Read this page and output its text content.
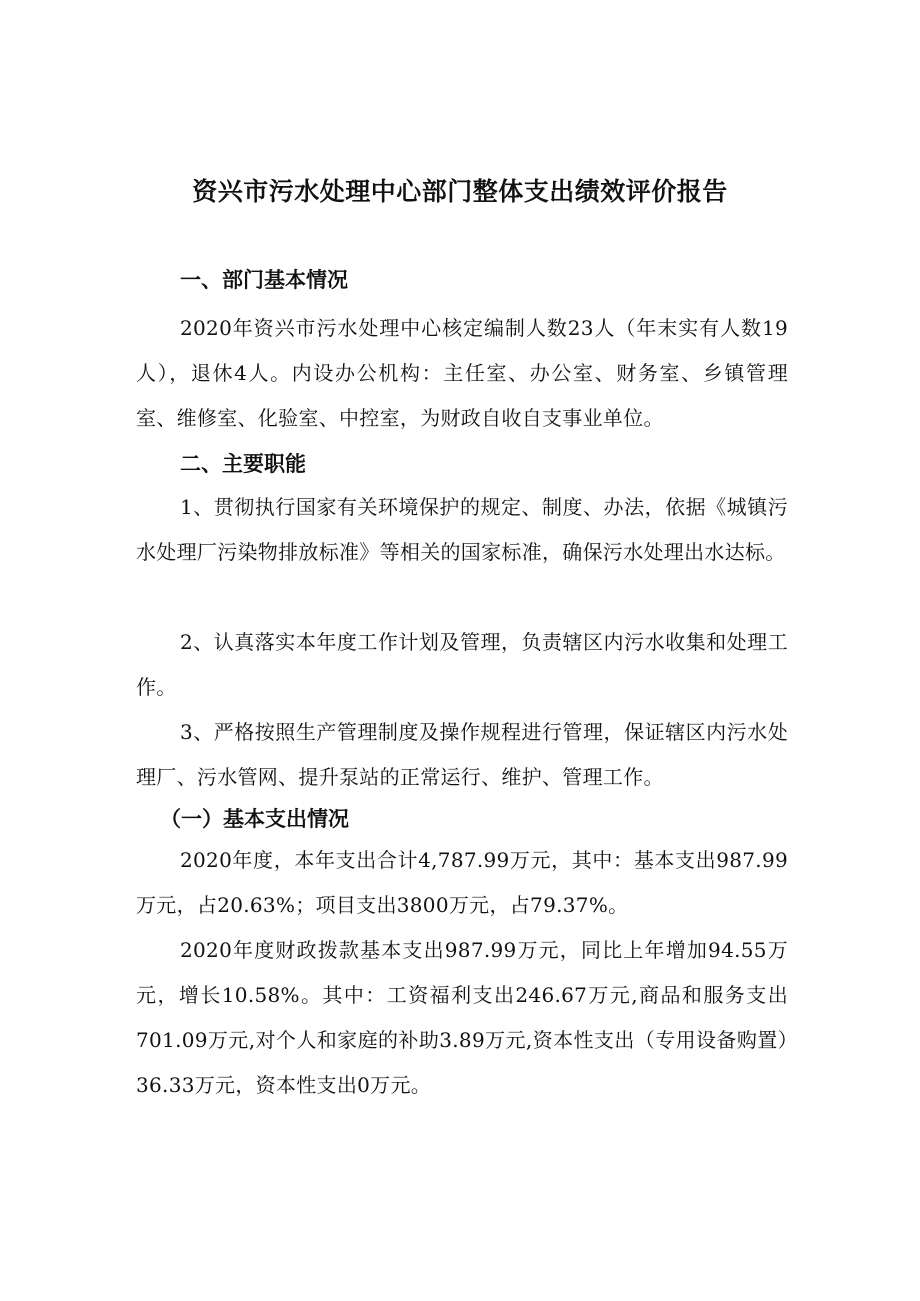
资兴市污水处理中心部门整体支出绩效评价报告
一、部门基本情况

2020年资兴市污水处理中心核定编制人数23人（年末实有人数19人），退休4人。内设办公机构：主任室、办公室、财务室、乡镇管理室、维修室、化验室、中控室，为财政自收自支事业单位。

二、主要职能

1、贯彻执行国家有关环境保护的规定、制度、办法，依据《城镇污水处理厂污染物排放标准》等相关的国家标准，确保污水处理出水达标。

2、认真落实本年度工作计划及管理，负责辖区内污水收集和处理工作。

3、严格按照生产管理制度及操作规程进行管理，保证辖区内污水处理厂、污水管网、提升泵站的正常运行、维护、管理工作。

（一）基本支出情况

2020年度，本年支出合计4,787.99万元，其中：基本支出987.99万元，占20.63%；项目支出3800万元，占79.37%。

2020年度财政拨款基本支出987.99万元，同比上年增加94.55万元，增长10.58%。其中：工资福利支出246.67万元,商品和服务支出701.09万元,对个人和家庭的补助3.89万元,资本性支出（专用设备购置）36.33万元，资本性支出0万元。
